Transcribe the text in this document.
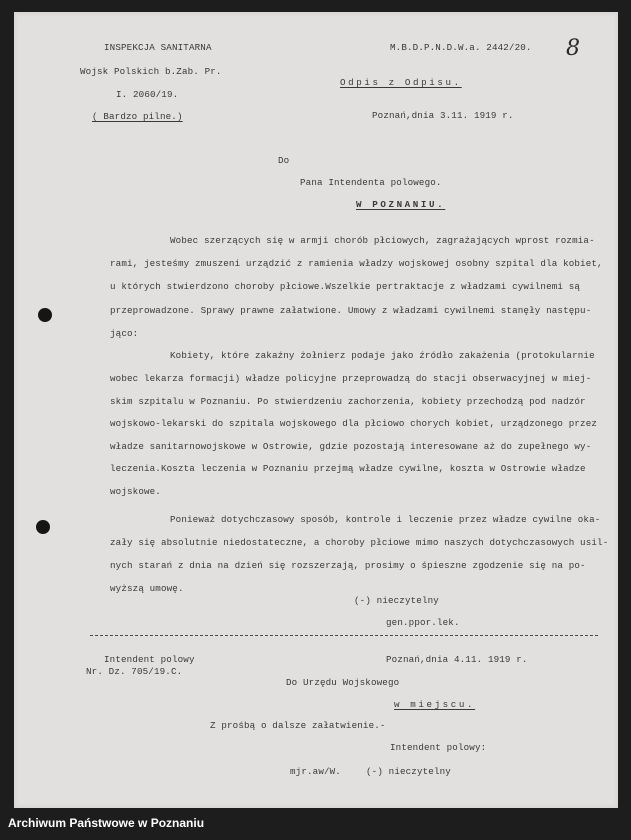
8
INSPEKCJA SANITARNA
Wojsk Polskich b.Zab. Pr.
I. 2060/19.
( Bardzo pilne.)
M.B.D.P.N.D.W.a. 2442/20.
Odpis z Odpisu.
Poznań,dnia 3.11. 1919 r.
Do
Pana Intendenta polowego.
W POZNANIU.
Wobec szerzących się w armji chorób płciowych, zagrażających wprost rozmia-
rami, jesteśmy zmuszeni urządzić z ramienia władzy wojskowej osobny szpital dla kobiet,
u których stwierdzono choroby płciowe.Wszelkie pertraktacje z władzami cywilnemi są
przeprowadzone. Sprawy prawne załatwione. Umowy z władzami cywilnemi stanęły następu-
jąco:
Kobiety, które zakaźny żołnierz podaje jako źródło zakażenia (protokularnie
wobec lekarza formacji) władze policyjne przeprowadzą do stacji obserwacyjnej w miej-
skim szpitalu w Poznaniu. Po stwierdzeniu zachorzenia, kobiety przechodzą pod nadzór
wojskowo-lekarski do szpitala wojskowego dla płciowo chorych kobiet, urządzonego przez
władze sanitarnowojskowe w Ostrowie, gdzie pozostają interesowane aż do zupełnego wy-
leczenia.Koszta leczenia w Poznaniu przejmą władze cywilne, koszta w Ostrowie władze
wojskowe.
Ponieważ dotychczasowy sposób, kontrole i leczenie przez władze cywilne oka-
zały się absolutnie niedostateczne, a choroby płciowe mimo naszych dotychczasowych usil-
nych starań z dnia na dzień się rozszerzają, prosimy o śpieszne zgodzenie się na po-
wyższą umowę.
(-) nieczytelny
gen.ppor.lek.
Intendent polowy
Nr. Dz. 705/19.C.
Poznań,dnia 4.11. 1919 r.
Do Urzędu Wojskowego
w miejscu.
Z prośbą o dalsze załatwienie.-
Intendent polowy:
mjr.aw/W.	(-) nieczytelny
Archiwum Państwowe w Poznaniu
